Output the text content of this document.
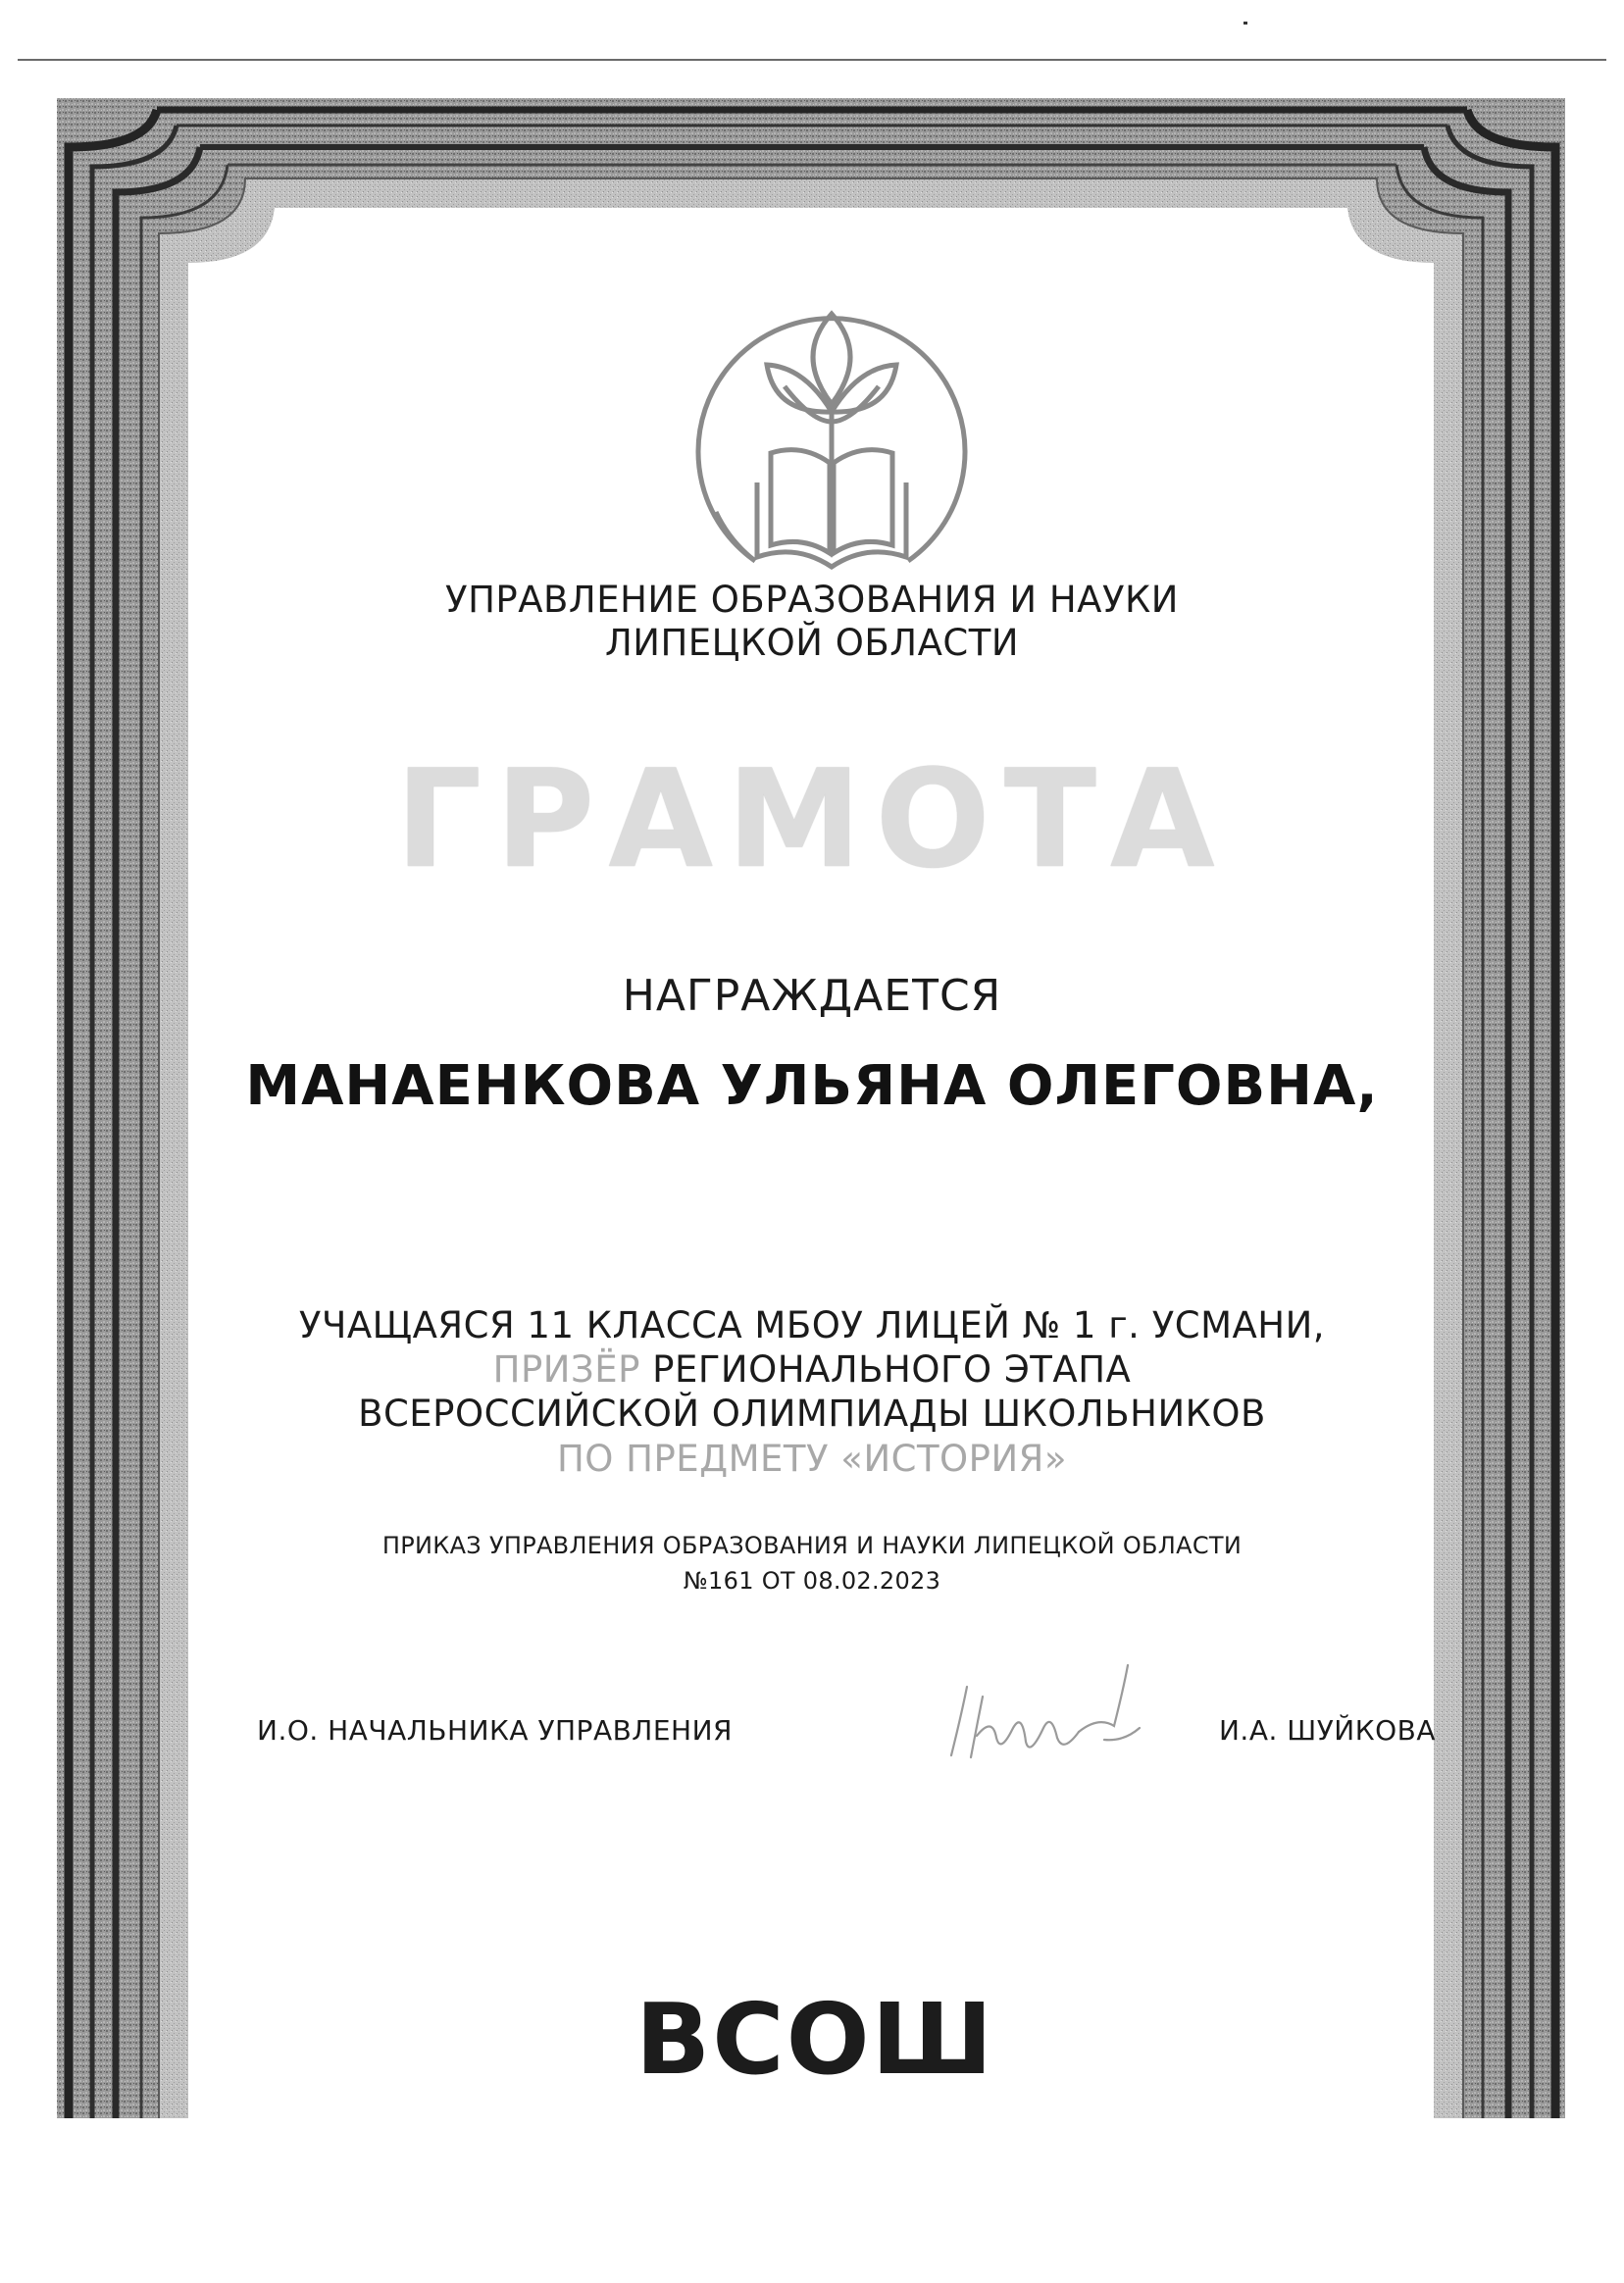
УПРАВЛЕНИЕ ОБРАЗОВАНИЯ И НАУКИ
ЛИПЕЦКОЙ ОБЛАСТИ
ГРАМОТА
НАГРАЖДАЕТСЯ
МАНАЕНКОВА УЛЬЯНА ОЛЕГОВНА,
УЧАЩАЯСЯ 11 КЛАССА МБОУ ЛИЦЕЙ № 1 г. УСМАНИ,
ПРИЗЁР РЕГИОНАЛЬНОГО ЭТАПА
ВСЕРОССИЙСКОЙ ОЛИМПИАДЫ ШКОЛЬНИКОВ
ПО ПРЕДМЕТУ «ИСТОРИЯ»
ПРИКАЗ УПРАВЛЕНИЯ ОБРАЗОВАНИЯ И НАУКИ ЛИПЕЦКОЙ ОБЛАСТИ
№161 ОТ 08.02.2023
И.О. НАЧАЛЬНИКА УПРАВЛЕНИЯ	И.А. ШУЙКОВА
ВСОШ
